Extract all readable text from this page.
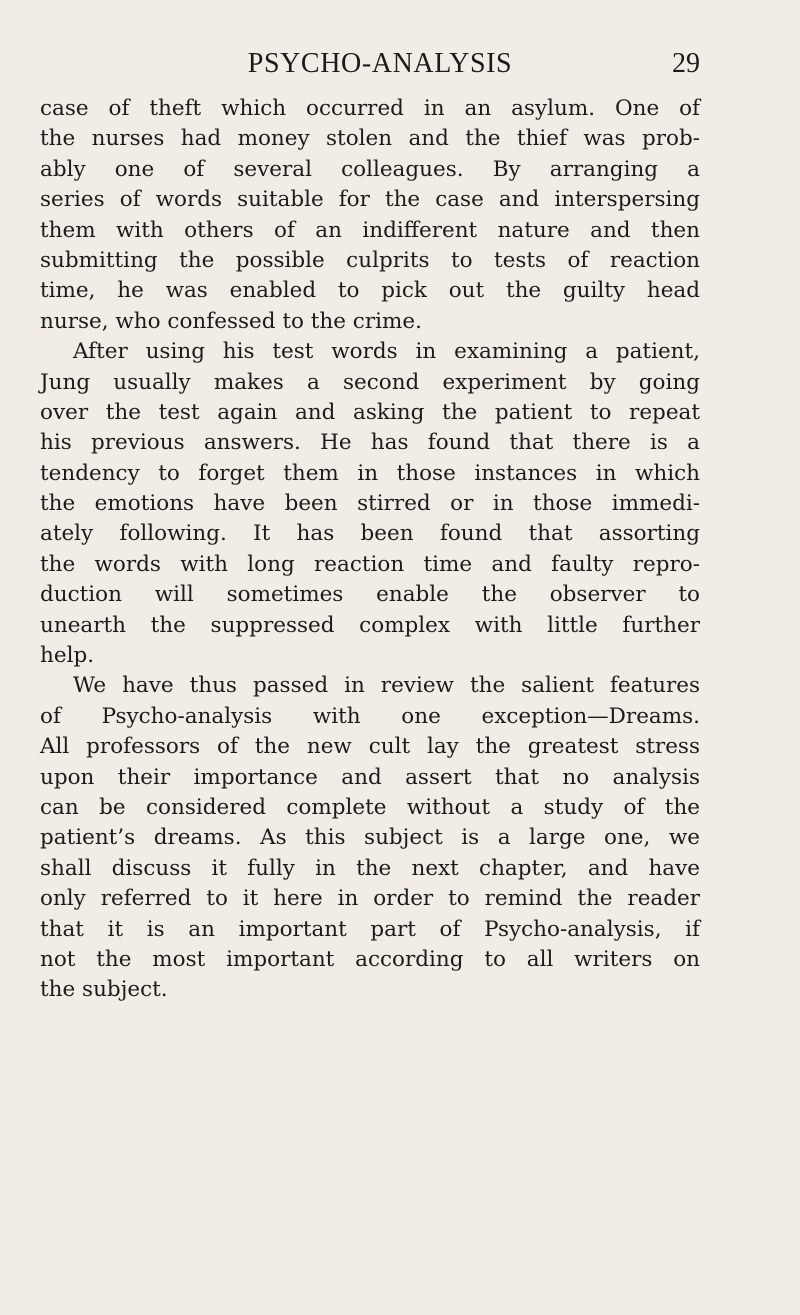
PSYCHO-ANALYSIS	29
case of theft which occurred in an asylum. One of
the nurses had money stolen and the thief was prob-
ably one of several colleagues. By arranging a
series of words suitable for the case and interspersing
them with others of an indifferent nature and then
submitting the possible culprits to tests of reaction
time, he was enabled to pick out the guilty head
nurse, who confessed to the crime.
After using his test words in examining a patient,
Jung usually makes a second experiment by going
over the test again and asking the patient to repeat
his previous answers. He has found that there is a
tendency to forget them in those instances in which
the emotions have been stirred or in those immedi-
ately following. It has been found that assorting
the words with long reaction time and faulty repro-
duction will sometimes enable the observer to
unearth the suppressed complex with little further
help.
We have thus passed in review the salient features
of Psycho-analysis with one exception—Dreams.
All professors of the new cult lay the greatest stress
upon their importance and assert that no analysis
can be considered complete without a study of the
patient’s dreams. As this subject is a large one, we
shall discuss it fully in the next chapter, and have
only referred to it here in order to remind the reader
that it is an important part of Psycho-analysis, if
not the most important according to all writers on
the subject.
